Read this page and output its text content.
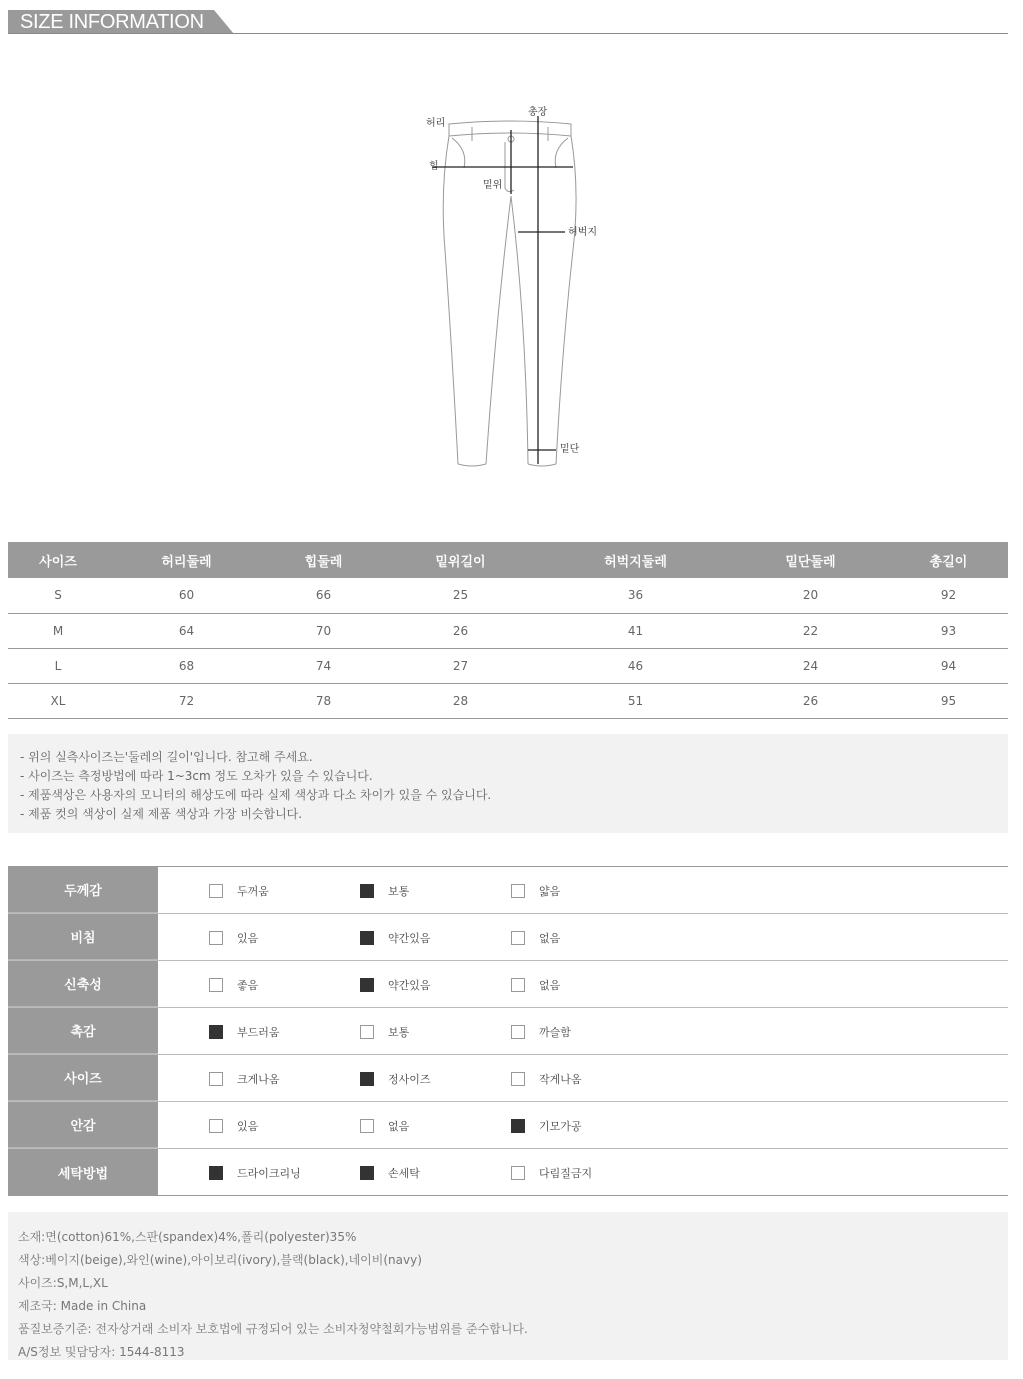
SIZE INFORMATION
허리
총장
힙
밑위
허벅지
밑단
사이즈	허리둘레	힙둘레	밑위길이	허벅지둘레	밑단둘레	총길이
S	60	66	25	36	20	92
M	64	70	26	41	22	93
L	68	74	27	46	24	94
XL	72	78	28	51	26	95
- 위의 실측사이즈는'둘레의 길이'입니다. 참고해 주세요.
- 사이즈는 측정방법에 따라 1~3cm 정도 오차가 있을 수 있습니다.
- 제품색상은 사용자의 모니터의 해상도에 따라 실제 색상과 다소 차이가 있을 수 있습니다.
- 제품 컷의 색상이 실제 제품 색상과 가장 비슷합니다.
두께감	두꺼움	보통	얇음
비침	있음	약간있음	없음
신축성	좋음	약간있음	없음
촉감	부드러움	보통	까슬함
사이즈	크게나옴	정사이즈	작게나옴
안감	있음	없음	기모가공
세탁방법	드라이크리닝	손세탁	다림질금지
소재:면(cotton)61%,스판(spandex)4%,폴리(polyester)35%
색상:베이지(beige),와인(wine),아이보리(ivory),블랙(black),네이비(navy)
사이즈:S,M,L,XL
제조국: Made in China
품질보증기준: 전자상거래 소비자 보호법에 규정되어 있는 소비자청약철회가능범위를 준수합니다.
A/S정보 및담당자: 1544-8113
